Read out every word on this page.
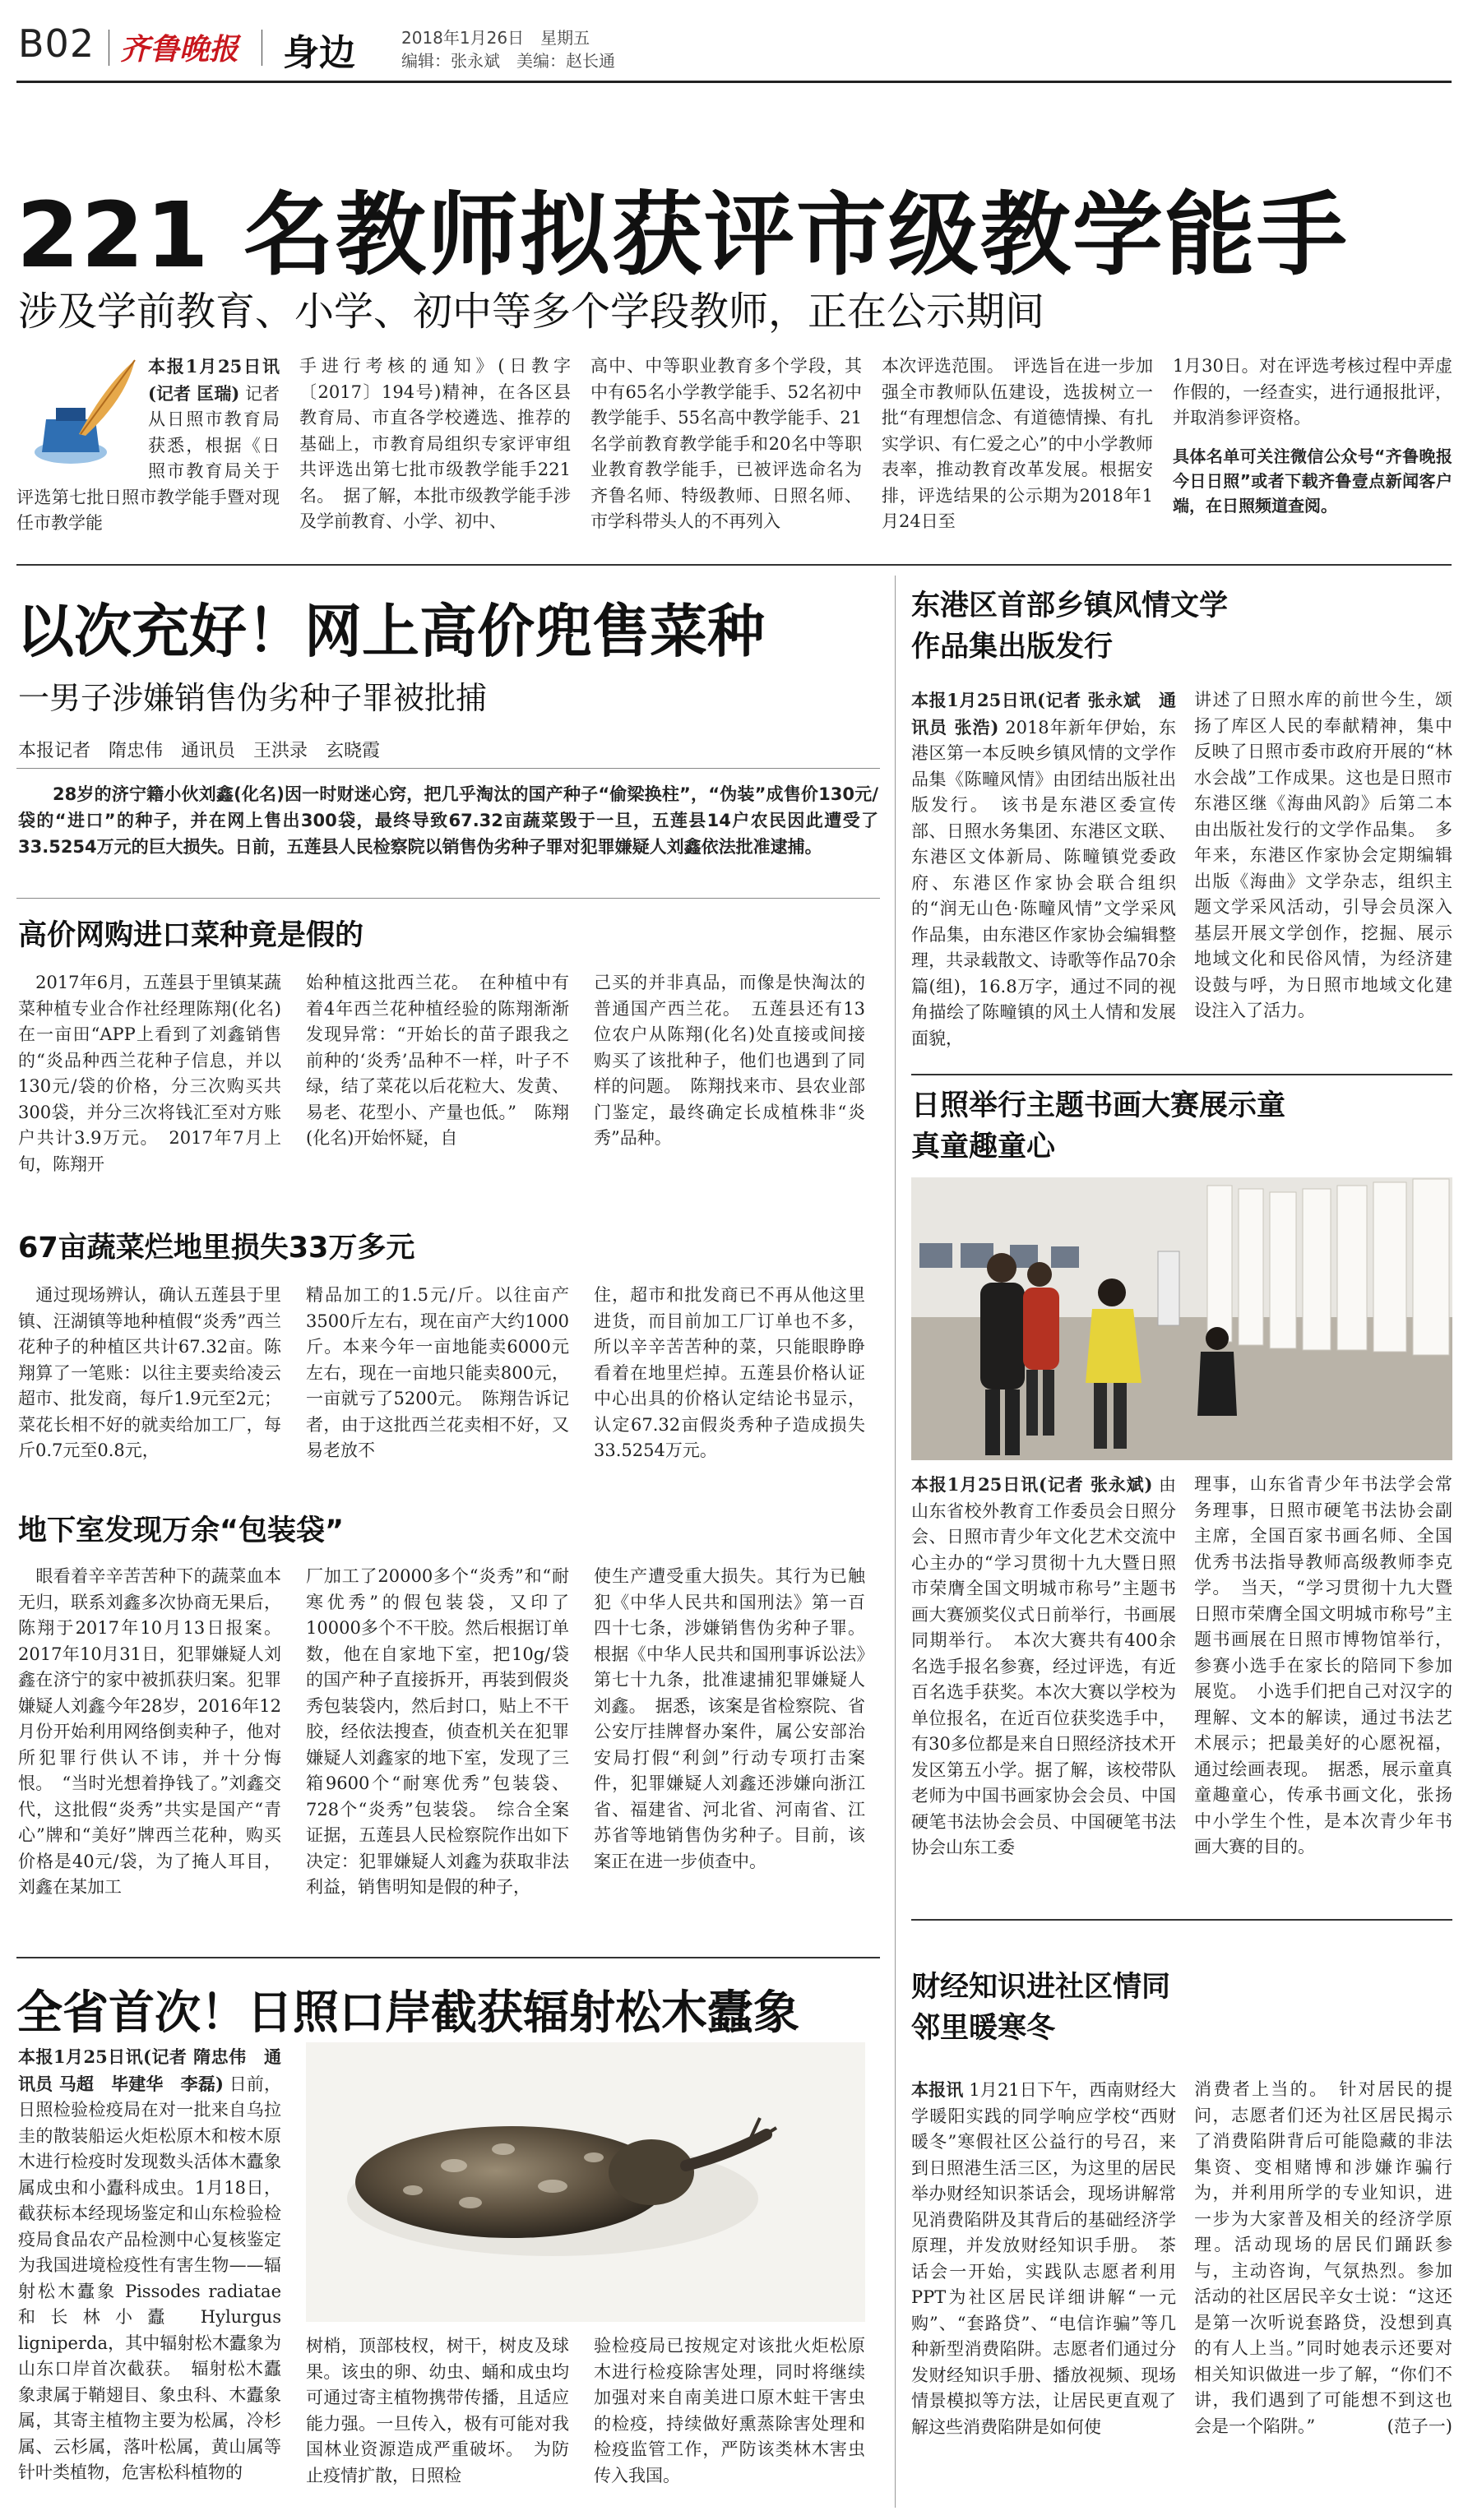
B02 齐鲁晚报 身边	2018年1月26日　星期五
编辑：张永斌　美编：赵长通
221 名教师拟获评市级教学能手
涉及学前教育、小学、初中等多个学段教师，正在公示期间

本报1月25日讯(记者 匡瑞) 记者从日照市教育局获悉，根据《日照市教育局关于评选第七批日照市教学能手暨对现任市教学能

手进行考核的通知》(日教字〔2017〕194号)精神，在各区县教育局、市直各学校遴选、推荐的基础上，市教育局组织专家评审组共评选出第七批市级教学能手221名。　据了解，本批市级教学能手涉及学前教育、小学、初中、

高中、中等职业教育多个学段，其中有65名小学教学能手、52名初中教学能手、55名高中教学能手、21名学前教育教学能手和20名中等职业教育教学能手，已被评选命名为齐鲁名师、特级教师、日照名师、市学科带头人的不再列入

本次评选范围。　评选旨在进一步加强全市教师队伍建设，选拔树立一批“有理想信念、有道德情操、有扎实学识、有仁爱之心”的中小学教师表率，推动教育改革发展。根据安排，评选结果的公示期为2018年1月24日至

1月30日。对在评选考核过程中弄虚作假的，一经查实，进行通报批评，并取消参评资格。

具体名单可关注微信公众号“齐鲁晚报今日日照”或者下载齐鲁壹点新闻客户端，在日照频道查阅。

以次充好！网上高价兜售菜种
一男子涉嫌销售伪劣种子罪被批捕
本报记者　隋忠伟　通讯员　王洪录　玄晓霞

28岁的济宁籍小伙刘鑫(化名)因一时财迷心窍，把几乎淘汰的国产种子“偷梁换柱”，“伪装”成售价130元/袋的“进口”的种子，并在网上售出300袋，最终导致67.32亩蔬菜毁于一旦，五莲县14户农民因此遭受了33.5254万元的巨大损失。日前，五莲县人民检察院以销售伪劣种子罪对犯罪嫌疑人刘鑫依法批准逮捕。

高价网购进口菜种竟是假的

　2017年6月，五莲县于里镇某蔬菜种植专业合作社经理陈翔(化名)在一亩田“APP上看到了刘鑫销售的“炎品种西兰花种子信息，并以130元/袋的价格，分三次购买共300袋，并分三次将钱汇至对方账户共计3.9万元。　2017年7月上旬，陈翔开

始种植这批西兰花。　在种植中有着4年西兰花种植经验的陈翔渐渐发现异常：“开始长的苗子跟我之前种的‘炎秀’品种不一样，叶子不绿，结了菜花以后花粒大、发黄、易老、花型小、产量也低。”　陈翔(化名)开始怀疑，自

己买的并非真品，而像是快淘汰的普通国产西兰花。　五莲县还有13位农户从陈翔(化名)处直接或间接购买了该批种子，他们也遇到了同样的问题。　陈翔找来市、县农业部门鉴定，最终确定长成植株非“炎秀”品种。

67亩蔬菜烂地里损失33万多元

　通过现场辨认，确认五莲县于里镇、汪湖镇等地种植假“炎秀”西兰花种子的种植区共计67.32亩。陈翔算了一笔账：以往主要卖给凌云超市、批发商，每斤1.9元至2元；菜花长相不好的就卖给加工厂，每斤0.7元至0.8元，

精品加工的1.5元/斤。以往亩产3500斤左右，现在亩产大约1000斤。本来今年一亩地能卖6000元左右，现在一亩地只能卖800元，一亩就亏了5200元。　陈翔告诉记者，由于这批西兰花卖相不好，又易老放不

住，超市和批发商已不再从他这里进货，而目前加工厂订单也不多，所以辛辛苦苦种的菜，只能眼睁睁看着在地里烂掉。五莲县价格认证中心出具的价格认定结论书显示，认定67.32亩假炎秀种子造成损失33.5254万元。

地下室发现万余“包装袋”

　眼看着辛辛苦苦种下的蔬菜血本无归，联系刘鑫多次协商无果后，陈翔于2017年10月13日报案。2017年10月31日，犯罪嫌疑人刘鑫在济宁的家中被抓获归案。犯罪嫌疑人刘鑫今年28岁，2016年12月份开始利用网络倒卖种子，他对所犯罪行供认不讳，并十分悔恨。　“当时光想着挣钱了。”刘鑫交代，这批假“炎秀”共实是国产“青心”牌和“美好”牌西兰花种，购买价格是40元/袋，为了掩人耳目，刘鑫在某加工

厂加工了20000多个“炎秀”和“耐寒优秀”的假包装袋，又印了10000多个不干胶。然后根据订单数，他在自家地下室，把10g/袋的国产种子直接拆开，再装到假炎秀包装袋内，然后封口，贴上不干胶，经依法搜查，侦查机关在犯罪嫌疑人刘鑫家的地下室，发现了三箱9600个“耐寒优秀”包装袋、728个“炎秀”包装袋。　综合全案证据，五莲县人民检察院作出如下决定：犯罪嫌疑人刘鑫为获取非法利益，销售明知是假的种子，

使生产遭受重大损失。其行为已触犯《中华人民共和国刑法》第一百四十七条，涉嫌销售伪劣种子罪。根据《中华人民共和国刑事诉讼法》第七十九条，批准逮捕犯罪嫌疑人刘鑫。　据悉，该案是省检察院、省公安厅挂牌督办案件，属公安部治安局打假“利剑”行动专项打击案件，犯罪嫌疑人刘鑫还涉嫌向浙江省、福建省、河北省、河南省、江苏省等地销售伪劣种子。目前，该案正在进一步侦查中。

全省首次！日照口岸截获辐射松木蠹象

本报1月25日讯(记者 隋忠伟　通讯员 马超　毕建华　李磊) 日前，日照检验检疫局在对一批来自乌拉圭的散装船运火炬松原木和桉木原木进行检疫时发现数头活体木蠹象属成虫和小蠹科成虫。1月18日，截获标本经现场鉴定和山东检验检疫局食品农产品检测中心复核鉴定为我国进境检疫性有害生物——辐射松木蠹象 Pissodes radiatae 和长林小蠹 Hylurgus ligniperda，其中辐射松木蠹象为山东口岸首次截获。　辐射松木蠹象隶属于鞘翅目、象虫科、木蠹象属，其寄主植物主要为松属，冷杉属、云杉属，落叶松属，黄山属等针叶类植物，危害松科植物的

树梢，顶部枝杈，树干，树皮及球果。该虫的卵、幼虫、蛹和成虫均可通过寄主植物携带传播，且适应能力强。一旦传入，极有可能对我国林业资源造成严重破坏。　为防止疫情扩散，日照检

验检疫局已按规定对该批火炬松原木进行检疫除害处理，同时将继续加强对来自南美进口原木蛀干害虫的检疫，持续做好熏蒸除害处理和检疫监管工作，严防该类林木害虫传入我国。

东港区首部乡镇风情文学作品集出版发行

本报1月25日讯(记者 张永斌　通讯员 张浩) 2018年新年伊始，东港区第一本反映乡镇风情的文学作品集《陈疃风情》由团结出版社出版发行。　该书是东港区委宣传部、日照水务集团、东港区文联、东港区文体新局、陈疃镇党委政府、东港区作家协会联合组织的“润无山色·陈疃风情”文学采风作品集，由东港区作家协会编辑整理，共录载散文、诗歌等作品70余篇(组)，16.8万字，通过不同的视角描绘了陈疃镇的风土人情和发展面貌，

讲述了日照水库的前世今生，颂扬了库区人民的奉献精神，集中反映了日照市委市政府开展的“林水会战”工作成果。这也是日照市东港区继《海曲风韵》后第二本由出版社发行的文学作品集。　多年来，东港区作家协会定期编辑出版《海曲》文学杂志，组织主题文学采风活动，引导会员深入基层开展文学创作，挖掘、展示地域文化和民俗风情，为经济建设鼓与呼，为日照市地域文化建设注入了活力。

日照举行主题书画大赛展示童真童趣童心

本报1月25日讯(记者 张永斌) 由山东省校外教育工作委员会日照分会、日照市青少年文化艺术交流中心主办的“学习贯彻十九大暨日照市荣膺全国文明城市称号”主题书画大赛颁奖仪式日前举行，书画展同期举行。　本次大赛共有400余名选手报名参赛，经过评选，有近百名选手获奖。本次大赛以学校为单位报名，在近百位获奖选手中，有30多位都是来自日照经济技术开发区第五小学。据了解，该校带队老师为中国书画家协会会员、中国硬笔书法协会会员、中国硬笔书法协会山东工委

理事，山东省青少年书法学会常务理事，日照市硬笔书法协会副主席，全国百家书画名师、全国优秀书法指导教师高级教师李克学。　当天，“学习贯彻十九大暨日照市荣膺全国文明城市称号”主题书画展在日照市博物馆举行，参赛小选手在家长的陪同下参加展览。　小选手们把自己对汉字的理解、文本的解读，通过书法艺术展示；把最美好的心愿祝福，通过绘画表现。　据悉，展示童真童趣童心，传承书画文化，张扬中小学生个性，是本次青少年书画大赛的目的。

财经知识进社区情同邻里暖寒冬

本报讯 1月21日下午，西南财经大学暖阳实践的同学响应学校“西财暖冬”寒假社区公益行的号召，来到日照港生活三区，为这里的居民举办财经知识茶话会，现场讲解常见消费陷阱及其背后的基础经济学原理，并发放财经知识手册。　茶话会一开始，实践队志愿者利用PPT为社区居民详细讲解“一元购”、“套路贷”、“电信诈骗”等几种新型消费陷阱。志愿者们通过分发财经知识手册、播放视频、现场情景模拟等方法，让居民更直观了解这些消费陷阱是如何使

消费者上当的。　针对居民的提问，志愿者们还为社区居民揭示了消费陷阱背后可能隐藏的非法集资、变相赌博和涉嫌诈骗行为，并利用所学的专业知识，进一步为大家普及相关的经济学原理。活动现场的居民们踊跃参与，主动咨询，气氛热烈。参加活动的社区居民辛女士说：“这还是第一次听说套路贷，没想到真的有人上当。”同时她表示还要对相关知识做进一步了解，“你们不讲，我们遇到了可能想不到这也会是一个陷阱。”	(范子一)
